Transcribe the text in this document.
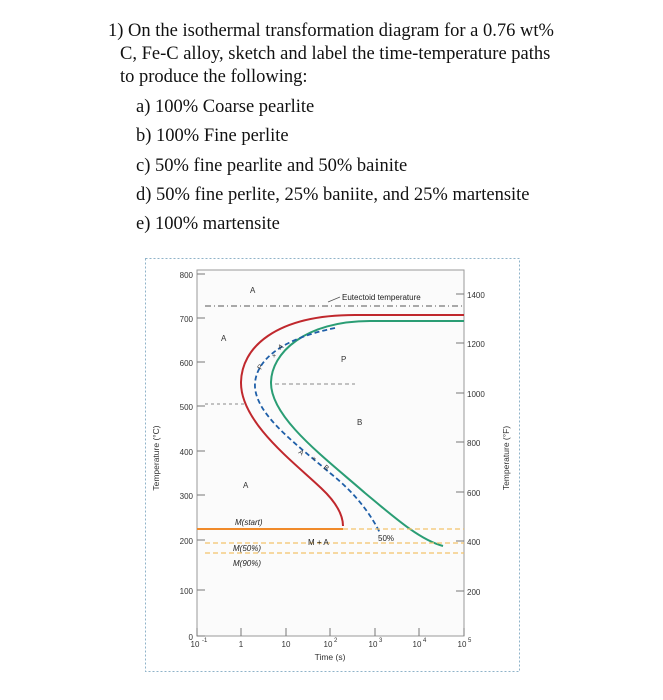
1) On the isothermal transformation diagram for a 0.76 wt%
C, Fe-C alloy, sketch and label the time-temperature paths
to produce the following:
a) 100% Coarse pearlite
b) 100% Fine perlite
c) 50% fine pearlite and 50% bainite
d) 50% fine perlite, 25% baniite, and 25% martensite
e) 100% martensite
0
100
200
300
400
500
600
700
800
Temperature (°C)
1400
1200
1000
800
600
400
200
Temperature (°F)
10 -1	1	10	10 2	10 3	10 4	10 5
Time (s)
Eutectoid temperature
A
A
A
P
B
A
+
P
A
+
B
M(start)
M(50%)
M(90%)
M + A	50%
